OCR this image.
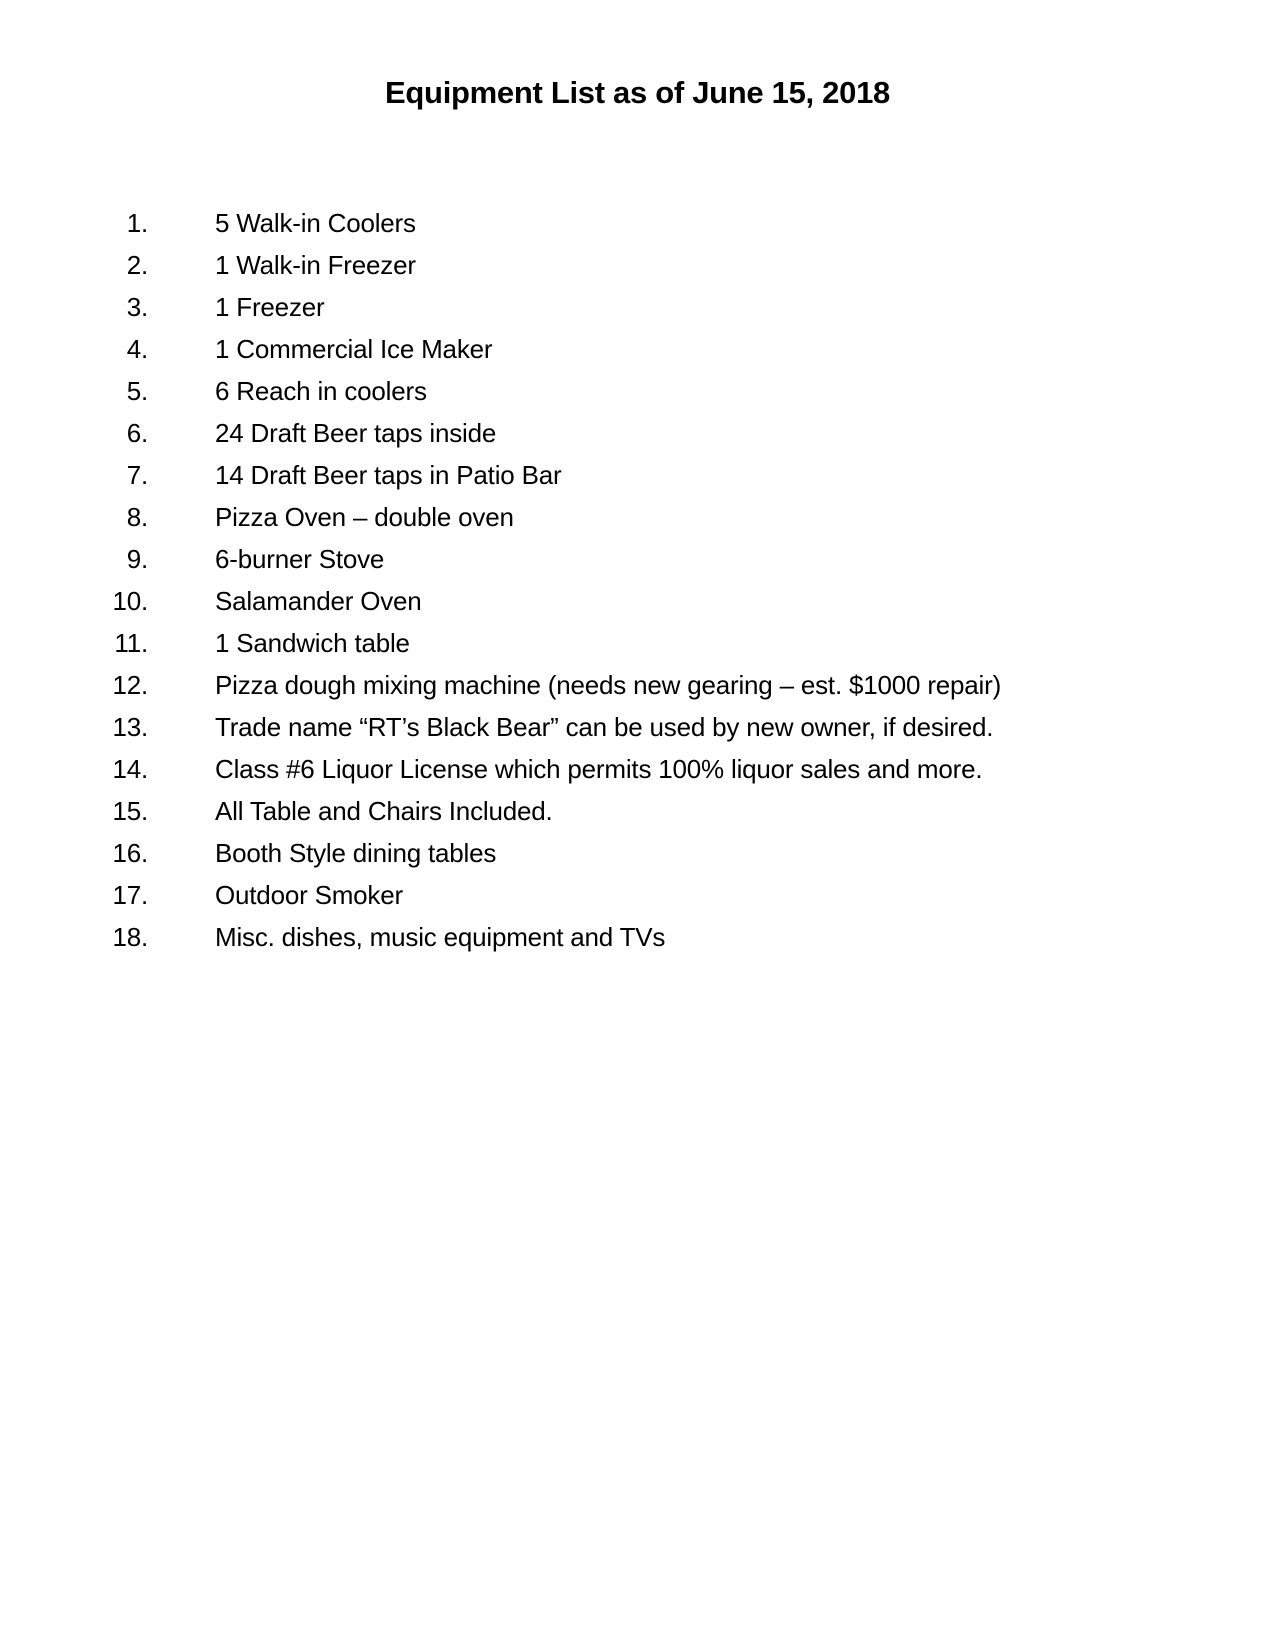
Equipment List as of June 15, 2018
1.	5 Walk-in Coolers
2.	1 Walk-in Freezer
3.	1 Freezer
4.	1 Commercial Ice Maker
5.	6 Reach in coolers
6.	24 Draft Beer taps inside
7.	14 Draft Beer taps in Patio Bar
8.	Pizza Oven – double oven
9.	6-burner Stove
10.	Salamander Oven
11.	1 Sandwich table
12.	Pizza dough mixing machine (needs new gearing – est. $1000 repair)
13.	Trade name “RT’s Black Bear” can be used by new owner, if desired.
14.	Class #6 Liquor License which permits 100% liquor sales and more.
15.	All Table and Chairs Included.
16.	Booth Style dining tables
17.	Outdoor Smoker
18.	Misc. dishes, music equipment and TVs
